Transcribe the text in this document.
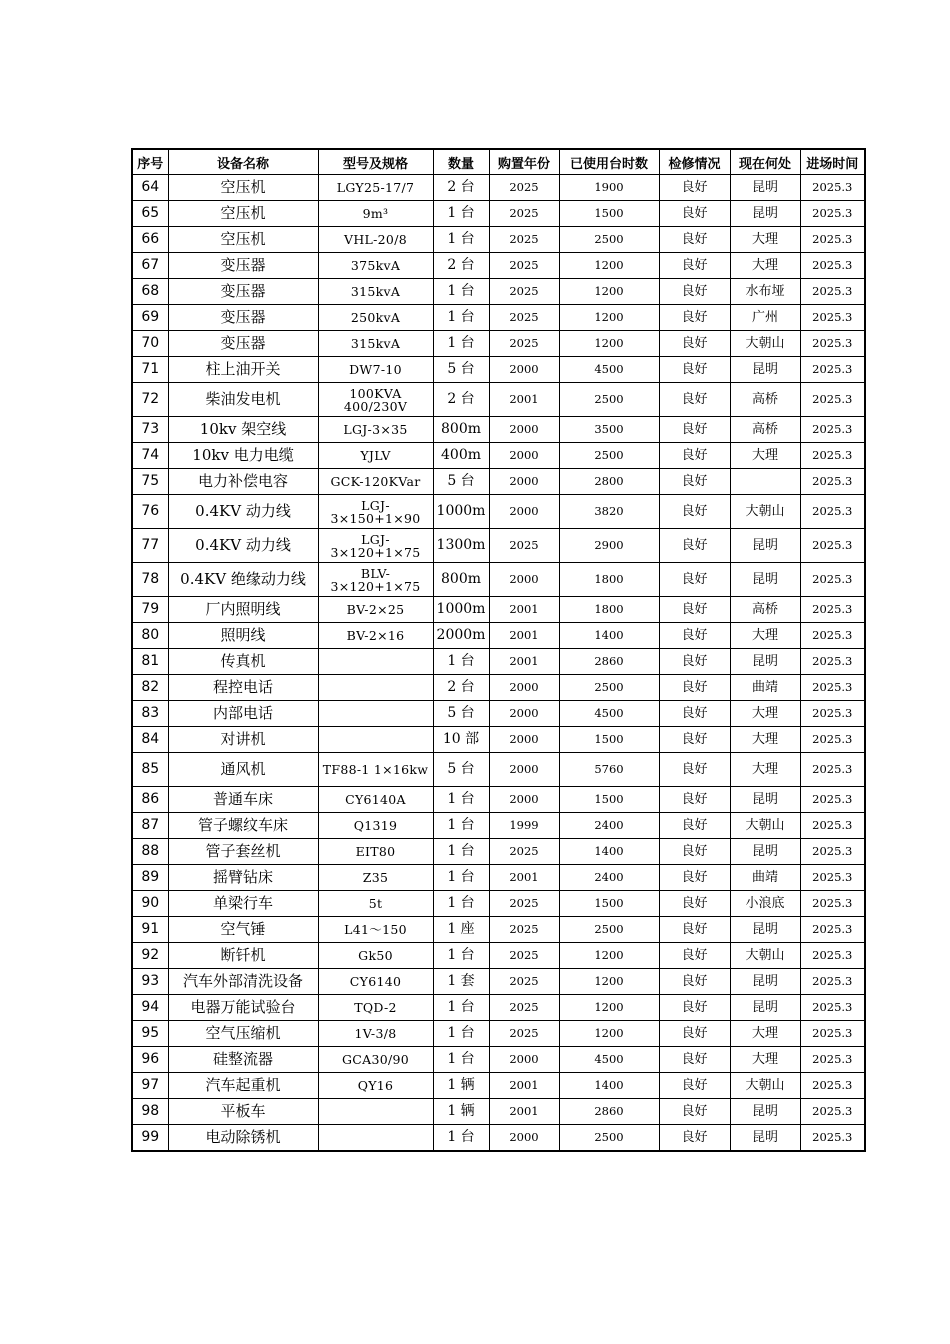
序号	设备名称	型号及规格	数量	购置年份	已使用台时数	检修情况	现在何处	进场时间
64	空压机	LGY25-17/7	2 台	2025	1900	良好	昆明	2025.3
65	空压机	9m³	1 台	2025	1500	良好	昆明	2025.3
66	空压机	VHL-20/8	1 台	2025	2500	良好	大理	2025.3
67	变压器	375kvA	2 台	2025	1200	良好	大理	2025.3
68	变压器	315kvA	1 台	2025	1200	良好	水布垭	2025.3
69	变压器	250kvA	1 台	2025	1200	良好	广州	2025.3
70	变压器	315kvA	1 台	2025	1200	良好	大朝山	2025.3
71	柱上油开关	DW7-10	5 台	2000	4500	良好	昆明	2025.3
72	柴油发电机	100KVA 400/230V	2 台	2001	2500	良好	高桥	2025.3
73	10kv 架空线	LGJ-3×35	800m	2000	3500	良好	高桥	2025.3
74	10kv 电力电缆	YJLV	400m	2000	2500	良好	大理	2025.3
75	电力补偿电容	GCK-120KVar	5 台	2000	2800	良好		2025.3
76	0.4KV 动力线	LGJ- 3×150+1×90	1000m	2000	3820	良好	大朝山	2025.3
77	0.4KV 动力线	LGJ- 3×120+1×75	1300m	2025	2900	良好	昆明	2025.3
78	0.4KV 绝缘动力线	BLV- 3×120+1×75	800m	2000	1800	良好	昆明	2025.3
79	厂内照明线	BV-2×25	1000m	2001	1800	良好	高桥	2025.3
80	照明线	BV-2×16	2000m	2001	1400	良好	大理	2025.3
81	传真机		1 台	2001	2860	良好	昆明	2025.3
82	程控电话		2 台	2000	2500	良好	曲靖	2025.3
83	内部电话		5 台	2000	4500	良好	大理	2025.3
84	对讲机		10 部	2000	1500	良好	大理	2025.3
85	通风机	TF88-1 1×16kw	5 台	2000	5760	良好	大理	2025.3
86	普通车床	CY6140A	1 台	2000	1500	良好	昆明	2025.3
87	管子螺纹车床	Q1319	1 台	1999	2400	良好	大朝山	2025.3
88	管子套丝机	EIT80	1 台	2025	1400	良好	昆明	2025.3
89	摇臂钻床	Z35	1 台	2001	2400	良好	曲靖	2025.3
90	单梁行车	5t	1 台	2025	1500	良好	小浪底	2025.3
91	空气锤	L41～150	1 座	2025	2500	良好	昆明	2025.3
92	断钎机	Gk50	1 台	2025	1200	良好	大朝山	2025.3
93	汽车外部清洗设备	CY6140	1 套	2025	1200	良好	昆明	2025.3
94	电器万能试验台	TQD-2	1 台	2025	1200	良好	昆明	2025.3
95	空气压缩机	1V-3/8	1 台	2025	1200	良好	大理	2025.3
96	硅整流器	GCA30/90	1 台	2000	4500	良好	大理	2025.3
97	汽车起重机	QY16	1 辆	2001	1400	良好	大朝山	2025.3
98	平板车		1 辆	2001	2860	良好	昆明	2025.3
99	电动除锈机		1 台	2000	2500	良好	昆明	2025.3
